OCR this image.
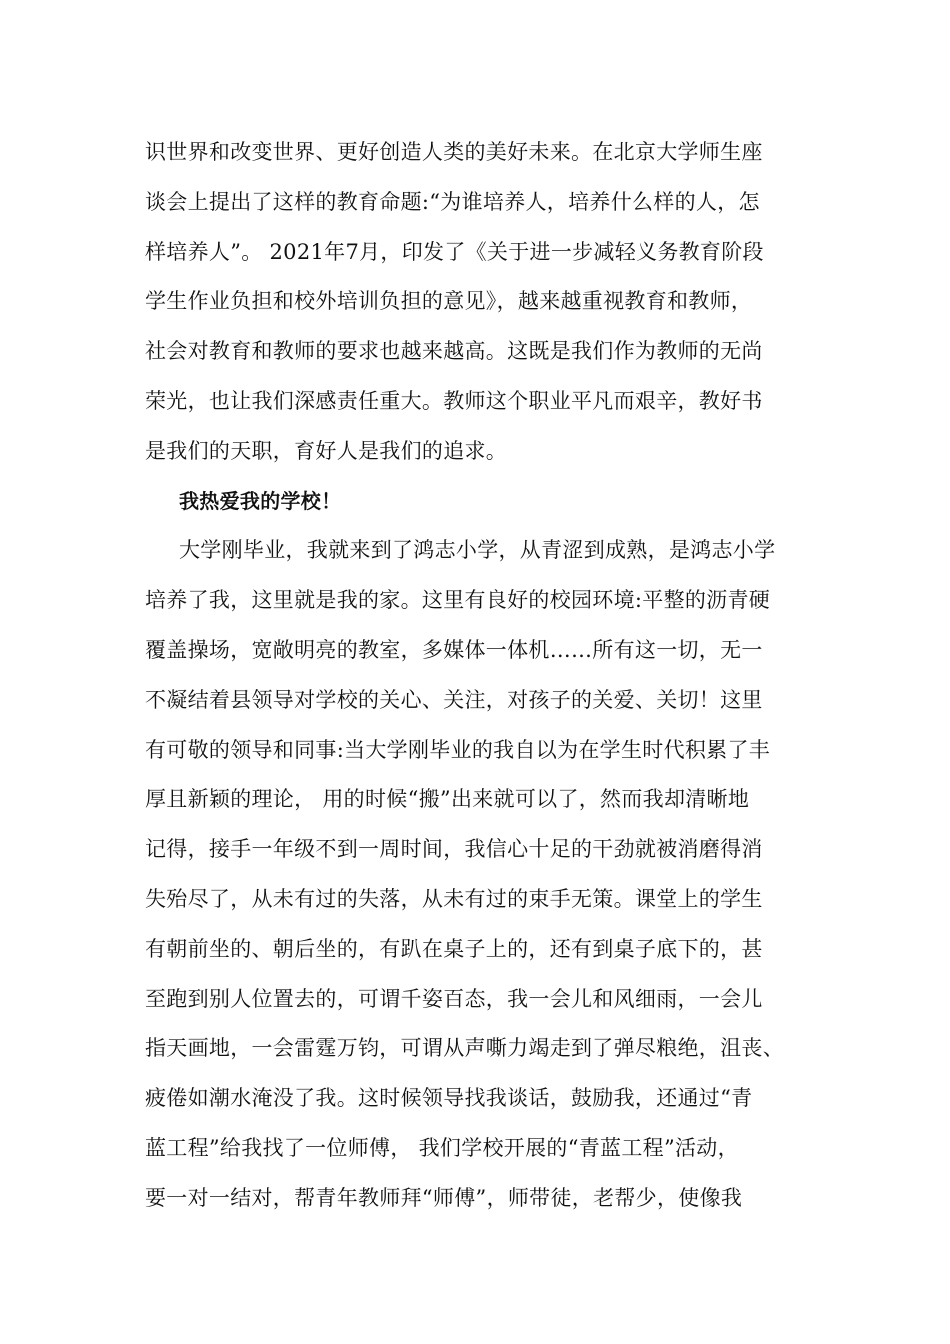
识世界和改变世界、更好创造人类的美好未来。在北京大学师生座
谈会上提出了这样的教育命题:“为谁培养人，培养什么样的人，怎
样培养人”。 2021年7月，印发了《关于进一步减轻义务教育阶段
学生作业负担和校外培训负担的意见》，越来越重视教育和教师，
社会对教育和教师的要求也越来越高。这既是我们作为教师的无尚
荣光，也让我们深感责任重大。教师这个职业平凡而艰辛，教好书
是我们的天职，育好人是我们的追求。
我热爱我的学校！
大学刚毕业，我就来到了鸿志小学，从青涩到成熟，是鸿志小学
培养了我，这里就是我的家。这里有良好的校园环境:平整的沥青硬
覆盖操场，宽敞明亮的教室，多媒体一体机……所有这一切，无一
不凝结着县领导对学校的关心、关注，对孩子的关爱、关切！这里
有可敬的领导和同事:当大学刚毕业的我自以为在学生时代积累了丰
厚且新颖的理论， 用的时候“搬”出来就可以了，然而我却清晰地
记得，接手一年级不到一周时间，我信心十足的干劲就被消磨得消
失殆尽了，从未有过的失落，从未有过的束手无策。课堂上的学生
有朝前坐的、朝后坐的，有趴在桌子上的，还有到桌子底下的，甚
至跑到别人位置去的，可谓千姿百态，我一会儿和风细雨，一会儿
指天画地，一会雷霆万钧，可谓从声嘶力竭走到了弹尽粮绝，沮丧、
疲倦如潮水淹没了我。这时候领导找我谈话，鼓励我，还通过“青
蓝工程”给我找了一位师傅， 我们学校开展的“青蓝工程”活动，
要一对一结对，帮青年教师拜“师傅”，师带徒，老帮少，使像我
